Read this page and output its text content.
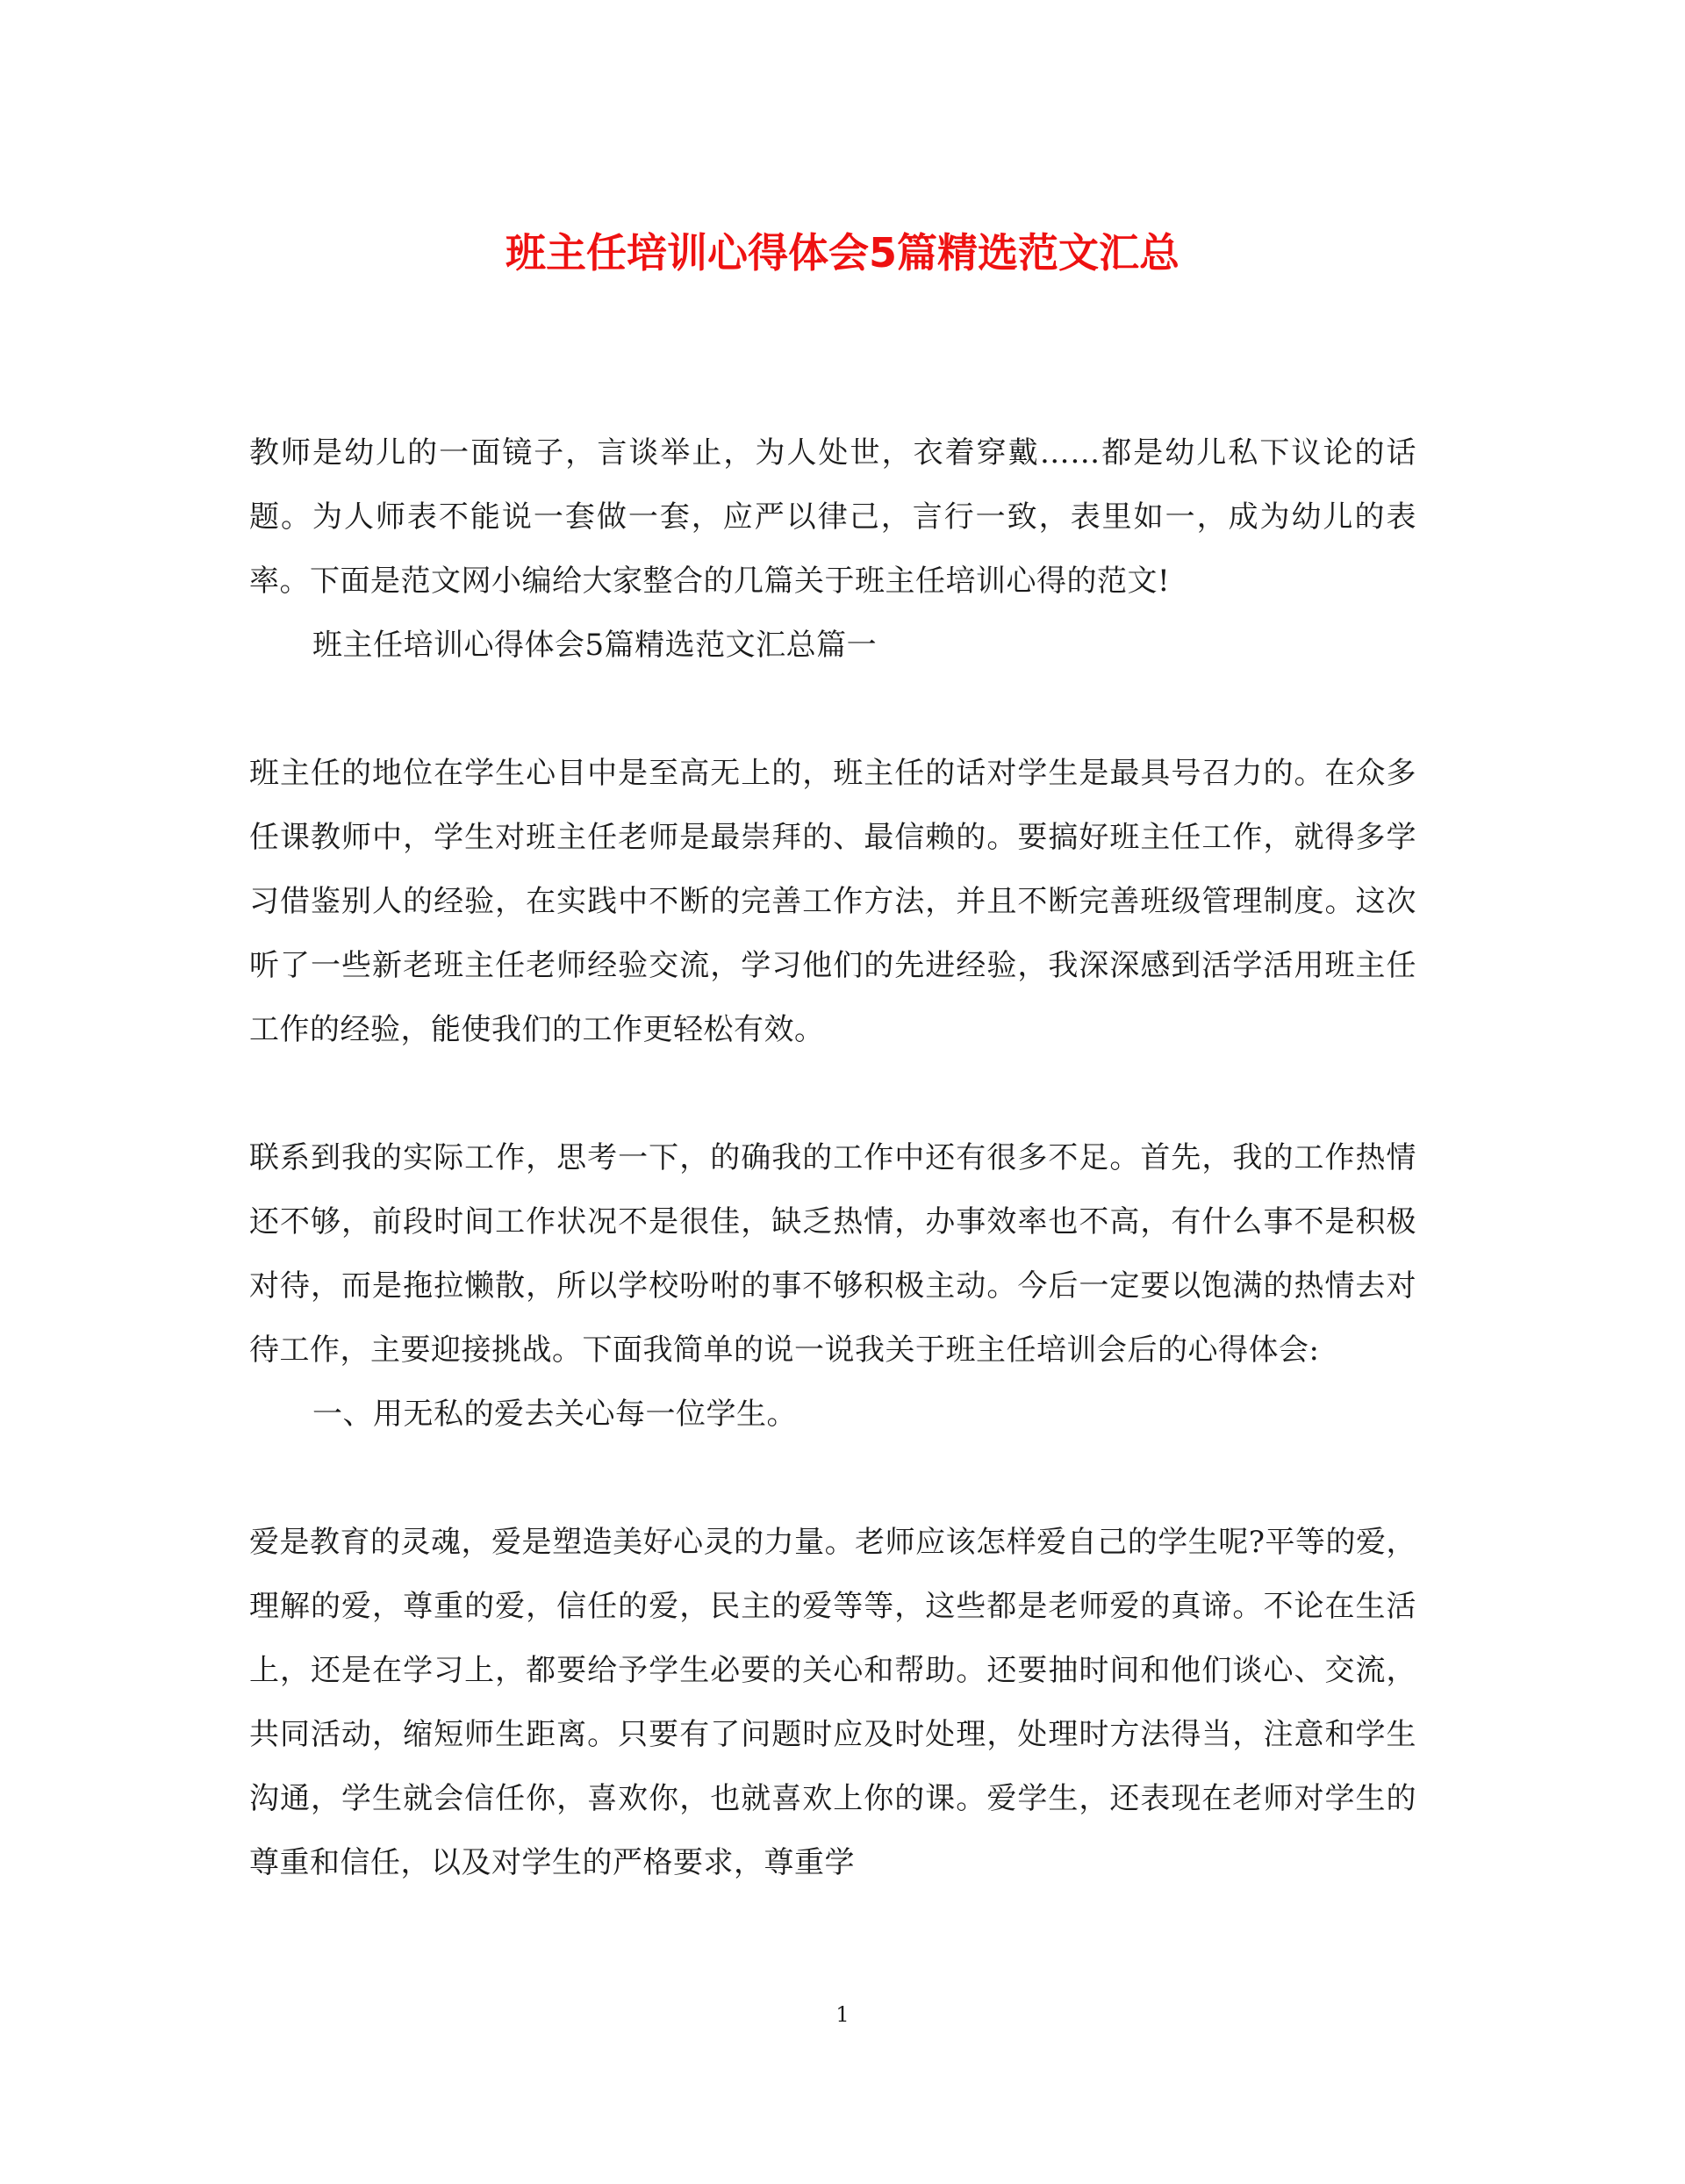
班主任培训心得体会5篇精选范文汇总

教师是幼儿的一面镜子，言谈举止，为人处世，衣着穿戴……都是幼儿私下议论的话题。为人师表不能说一套做一套，应严以律己，言行一致，表里如一，成为幼儿的表率。下面是范文网小编给大家整合的几篇关于班主任培训心得的范文!

班主任培训心得体会5篇精选范文汇总篇一

班主任的地位在学生心目中是至高无上的，班主任的话对学生是最具号召力的。在众多任课教师中，学生对班主任老师是最崇拜的、最信赖的。要搞好班主任工作，就得多学习借鉴别人的经验，在实践中不断的完善工作方法，并且不断完善班级管理制度。这次听了一些新老班主任老师经验交流，学习他们的先进经验，我深深感到活学活用班主任工作的经验，能使我们的工作更轻松有效。

联系到我的实际工作，思考一下，的确我的工作中还有很多不足。首先，我的工作热情还不够，前段时间工作状况不是很佳，缺乏热情，办事效率也不高，有什么事不是积极对待，而是拖拉懒散，所以学校吩咐的事不够积极主动。今后一定要以饱满的热情去对待工作，主要迎接挑战。下面我简单的说一说我关于班主任培训会后的心得体会:

一、用无私的爱去关心每一位学生。

爱是教育的灵魂，爱是塑造美好心灵的力量。老师应该怎样爱自己的学生呢?平等的爱，理解的爱，尊重的爱，信任的爱，民主的爱等等，这些都是老师爱的真谛。不论在生活上，还是在学习上，都要给予学生必要的关心和帮助。还要抽时间和他们谈心、交流，共同活动，缩短师生距离。只要有了问题时应及时处理，处理时方法得当，注意和学生沟通，学生就会信任你，喜欢你，也就喜欢上你的课。爱学生，还表现在老师对学生的尊重和信任，以及对学生的严格要求，尊重学

1
